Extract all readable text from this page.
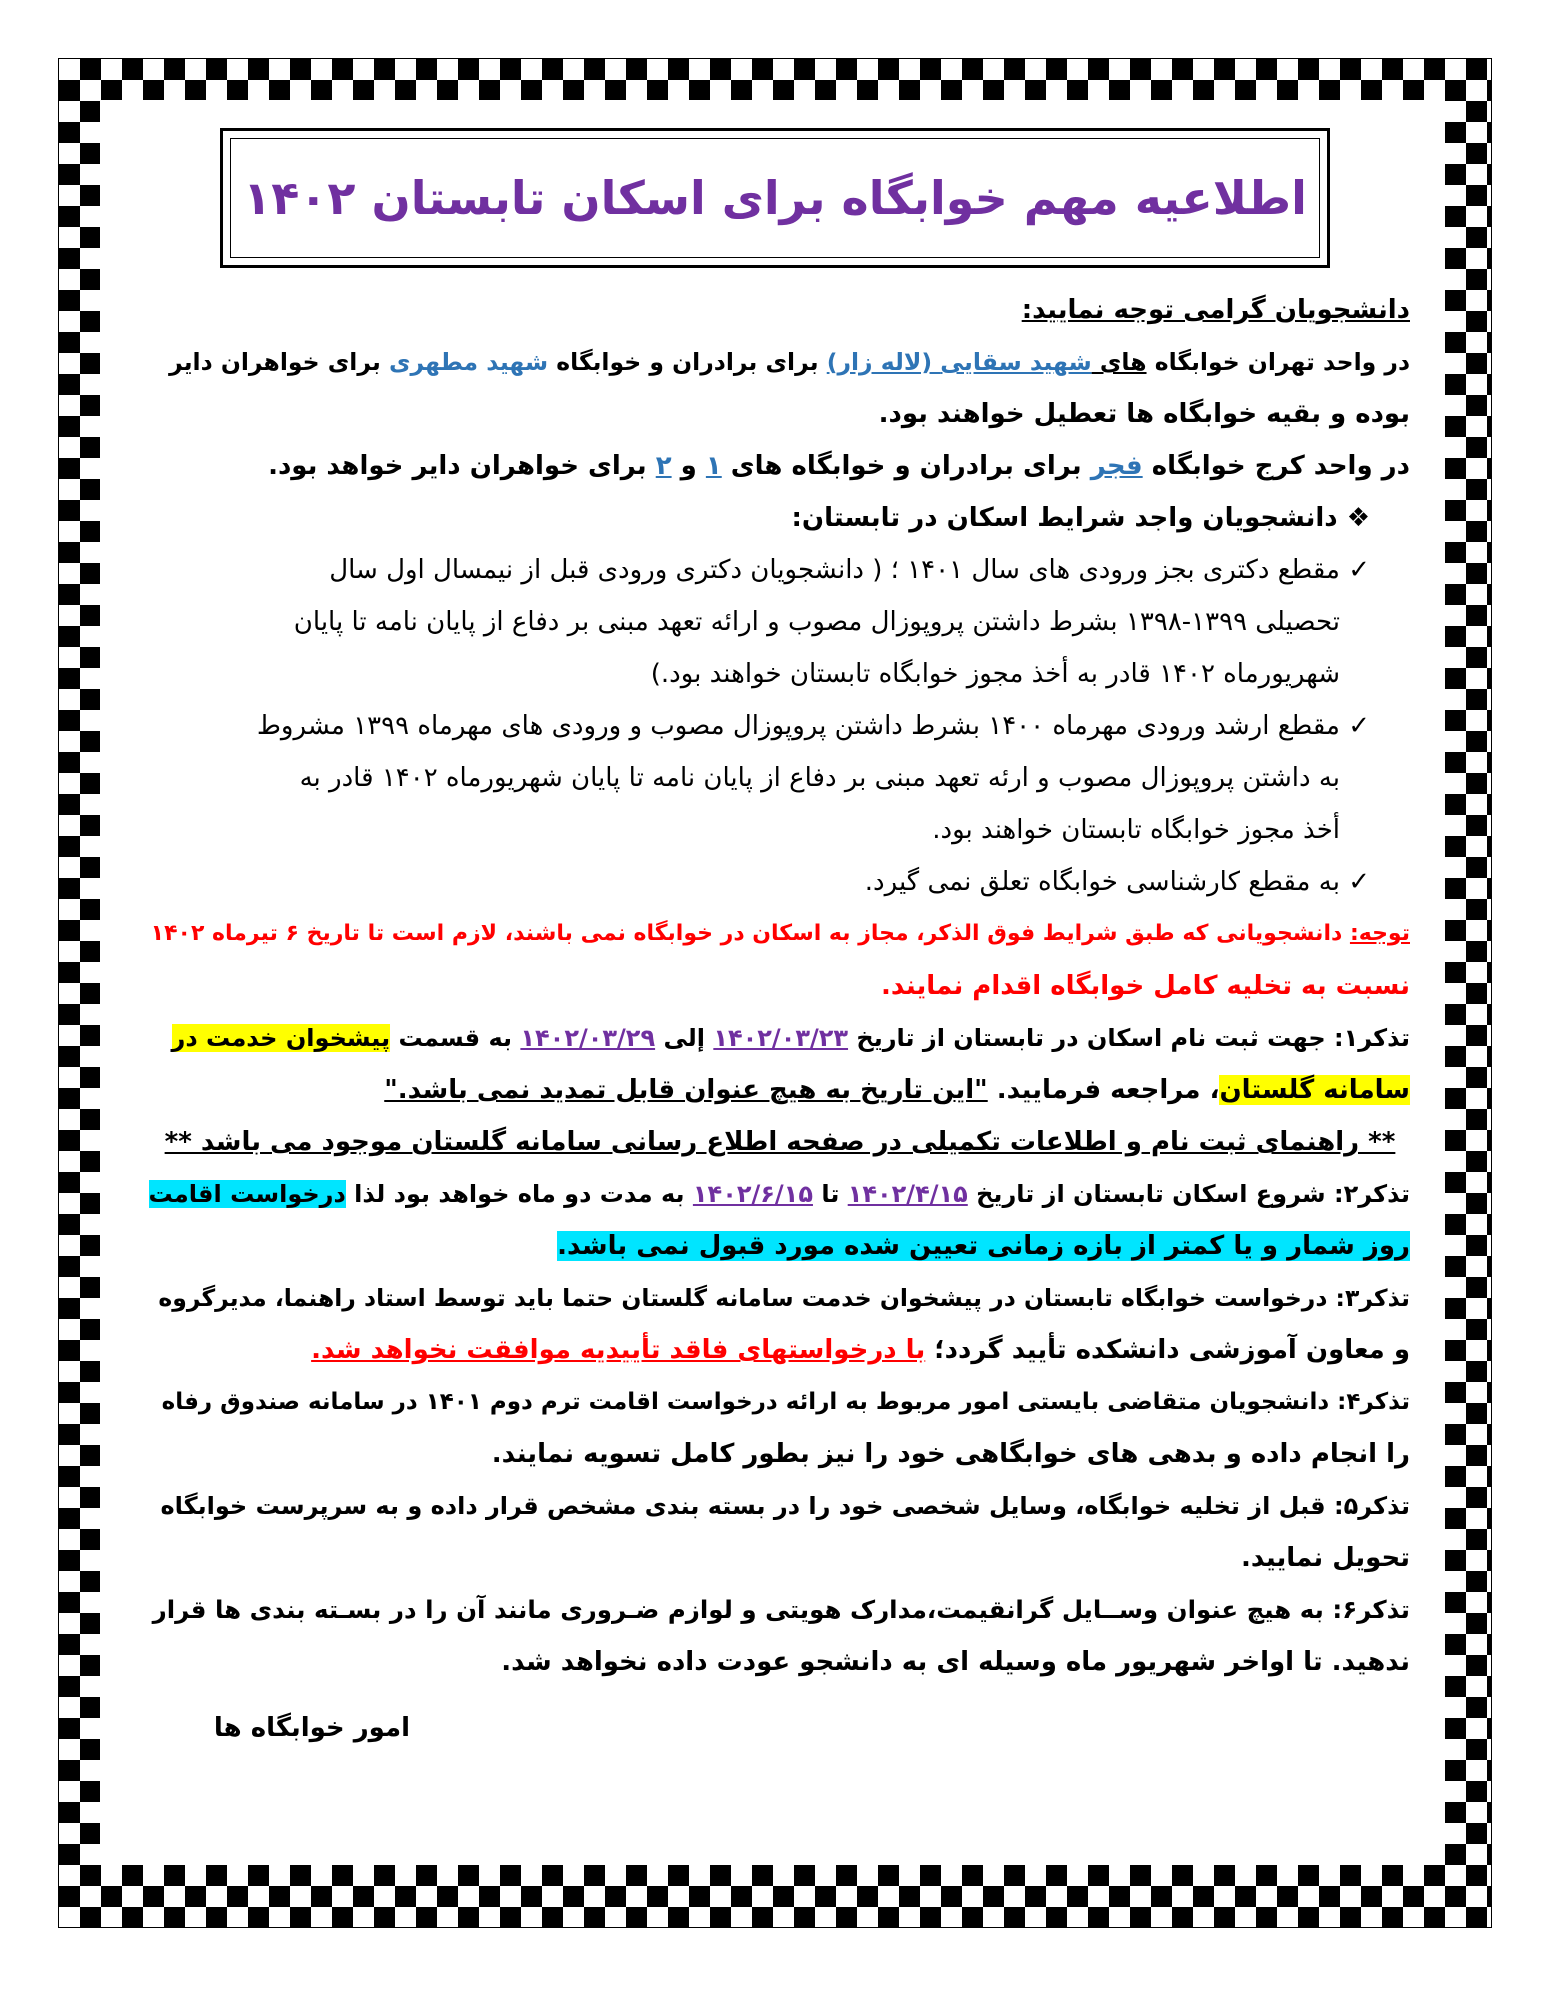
اطلاعیه مهم خوابگاه برای اسکان تابستان ۱۴۰۲

دانشجویان گرامی توجه نمایید:

در واحد تهران خوابگاه های شهید سقایی (لاله زار) برای برادران و خوابگاه شهید مطهری برای خواهران دایر

بوده و بقیه خوابگاه ها تعطیل خواهند بود.

در واحد کرج خوابگاه فجر برای برادران و خوابگاه های ۱ و ۲ برای خواهران دایر خواهد بود.

❖ دانشجویان واجد شرایط اسکان در تابستان:

✓ مقطع دکتری بجز ورودی های سال ۱۴۰۱ ؛ ( دانشجویان دکتری ورودی قبل از نیمسال اول سال

تحصیلی ۱۳۹۹-۱۳۹۸ بشرط داشتن پروپوزال مصوب و ارائه تعهد مبنی بر دفاع از پایان نامه تا پایان

شهریورماه ۱۴۰۲ قادر به أخذ مجوز خوابگاه تابستان خواهند بود.)

✓ مقطع ارشد ورودی مهرماه ۱۴۰۰ بشرط داشتن پروپوزال مصوب و ورودی های مهرماه ۱۳۹۹ مشروط

به داشتن پروپوزال مصوب و ارئه تعهد مبنی بر دفاع از پایان نامه تا پایان شهریورماه ۱۴۰۲ قادر به

أخذ مجوز خوابگاه تابستان خواهند بود.

✓ به مقطع کارشناسی خوابگاه تعلق نمی گیرد.

توجه: دانشجویانی که طبق شرایط فوق الذکر، مجاز به اسکان در خوابگاه نمی باشند، لازم است تا تاریخ ۶ تیرماه ۱۴۰۲

نسبت به تخلیه کامل خوابگاه اقدام نمایند.

تذکر۱: جهت ثبت نام اسکان در تابستان از تاریخ ۱۴۰۲/۰۳/۲۳ إلی ۱۴۰۲/۰۳/۲۹ به قسمت پیشخوان خدمت در

سامانه گلستان، مراجعه فرمایید. "این تاریخ به هیچ عنوان قابل تمدید نمی باشد."

** راهنمای ثبت نام و اطلاعات تکمیلی در صفحه اطلاع رسانی سامانه گلستان موجود می باشد **

تذکر۲: شروع اسکان تابستان از تاریخ ۱۴۰۲/۴/۱۵ تا ۱۴۰۲/۶/۱۵ به مدت دو ماه خواهد بود لذا درخواست اقامت

روز شمار و یا کمتر از بازه زمانی تعیین شده مورد قبول نمی باشد.

تذکر۳: درخواست خوابگاه تابستان در پیشخوان خدمت سامانه گلستان حتما باید توسط استاد راهنما، مدیرگروه

و معاون آموزشی دانشکده تأیید گردد؛ با درخواستهای فاقد تأییدیه موافقت نخواهد شد.

تذکر۴: دانشجویان متقاضی بایستی امور مربوط به ارائه درخواست اقامت ترم دوم ۱۴۰۱ در سامانه صندوق رفاه

را انجام داده و بدهی های خوابگاهی خود را نیز بطور کامل تسویه نمایند.

تذکر۵: قبل از تخلیه خوابگاه، وسایل شخصی خود را در بسته بندی مشخص قرار داده و به سرپرست خوابگاه

تحویل نمایید.

تذکر۶: به هیچ عنوان وســایل گرانقیمت،مدارک هویتی و لوازم ضـروری مانند آن را در بسـته بندی ها قرار

ندهید. تا اواخر شهریور ماه وسیله ای به دانشجو عودت داده نخواهد شد.

امور خوابگاه ها
